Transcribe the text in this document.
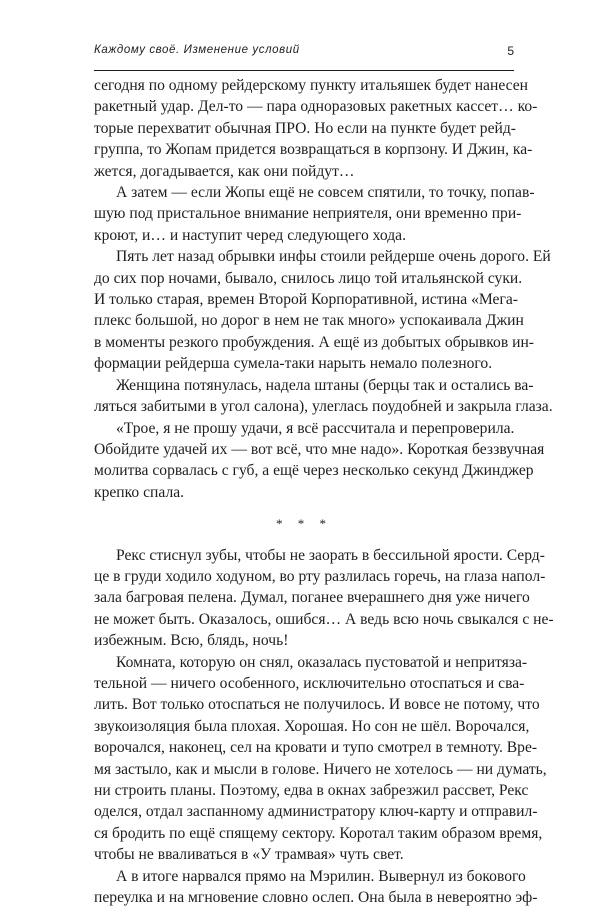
Каждому своё. Изменение условий	5

сегодня по одному рейдерскому пункту итальяшек будет нанесен
ракетный удар. Дел-то — пара одноразовых ракетных кассет… ко-
торые перехватит обычная ПРО. Но если на пункте будет рейд-
группа, то Жопам придется возвращаться в корпзону. И Джин, ка-
жется, догадывается, как они пойдут…

А затем — если Жопы ещё не совсем спятили, то точку, попав-
шую под пристальное внимание неприятеля, они временно при-
кроют, и… и наступит черед следующего хода.

Пять лет назад обрывки инфы стоили рейдерше очень дорого. Ей
до сих пор ночами, бывало, снилось лицо той итальянской суки.
И только старая, времен Второй Корпоративной, истина «Мега-
плекс большой, но дорог в нем не так много» успокаивала Джин
в моменты резкого пробуждения. А ещё из добытых обрывков ин-
формации рейдерша сумела-таки нарыть немало полезного.

Женщина потянулась, надела штаны (берцы так и остались ва-
ляться забитыми в угол салона), улеглась поудобней и закрыла глаза.

«Трое, я не прошу удачи, я всё рассчитала и перепроверила.
Обойдите удачей их — вот всё, что мне надо». Короткая беззвучная
молитва сорвалась с губ, а ещё через несколько секунд Джинджер
крепко спала.

* * *

Рекс стиснул зубы, чтобы не заорать в бессильной ярости. Серд-
це в груди ходило ходуном, во рту разлилась горечь, на глаза напол-
зала багровая пелена. Думал, поганее вчерашнего дня уже ничего
не может быть. Оказалось, ошибся… А ведь всю ночь свыкался с не-
избежным. Всю, блядь, ночь!

Комната, которую он снял, оказалась пустоватой и непритяза-
тельной — ничего особенного, исключительно отоспаться и сва-
лить. Вот только отоспаться не получилось. И вовсе не потому, что
звукоизоляция была плохая. Хорошая. Но сон не шёл. Ворочался,
ворочался, наконец, сел на кровати и тупо смотрел в темноту. Вре-
мя застыло, как и мысли в голове. Ничего не хотелось — ни думать,
ни строить планы. Поэтому, едва в окнах забрезжил рассвет, Рекс
оделся, отдал заспанному администратору ключ-карту и отправил-
ся бродить по ещё спящему сектору. Коротал таким образом время,
чтобы не вваливаться в «У трамвая» чуть свет.

А в итоге нарвался прямо на Мэрилин. Вывернул из бокового
переулка и на мгновение словно ослеп. Она была в невероятно эф-
